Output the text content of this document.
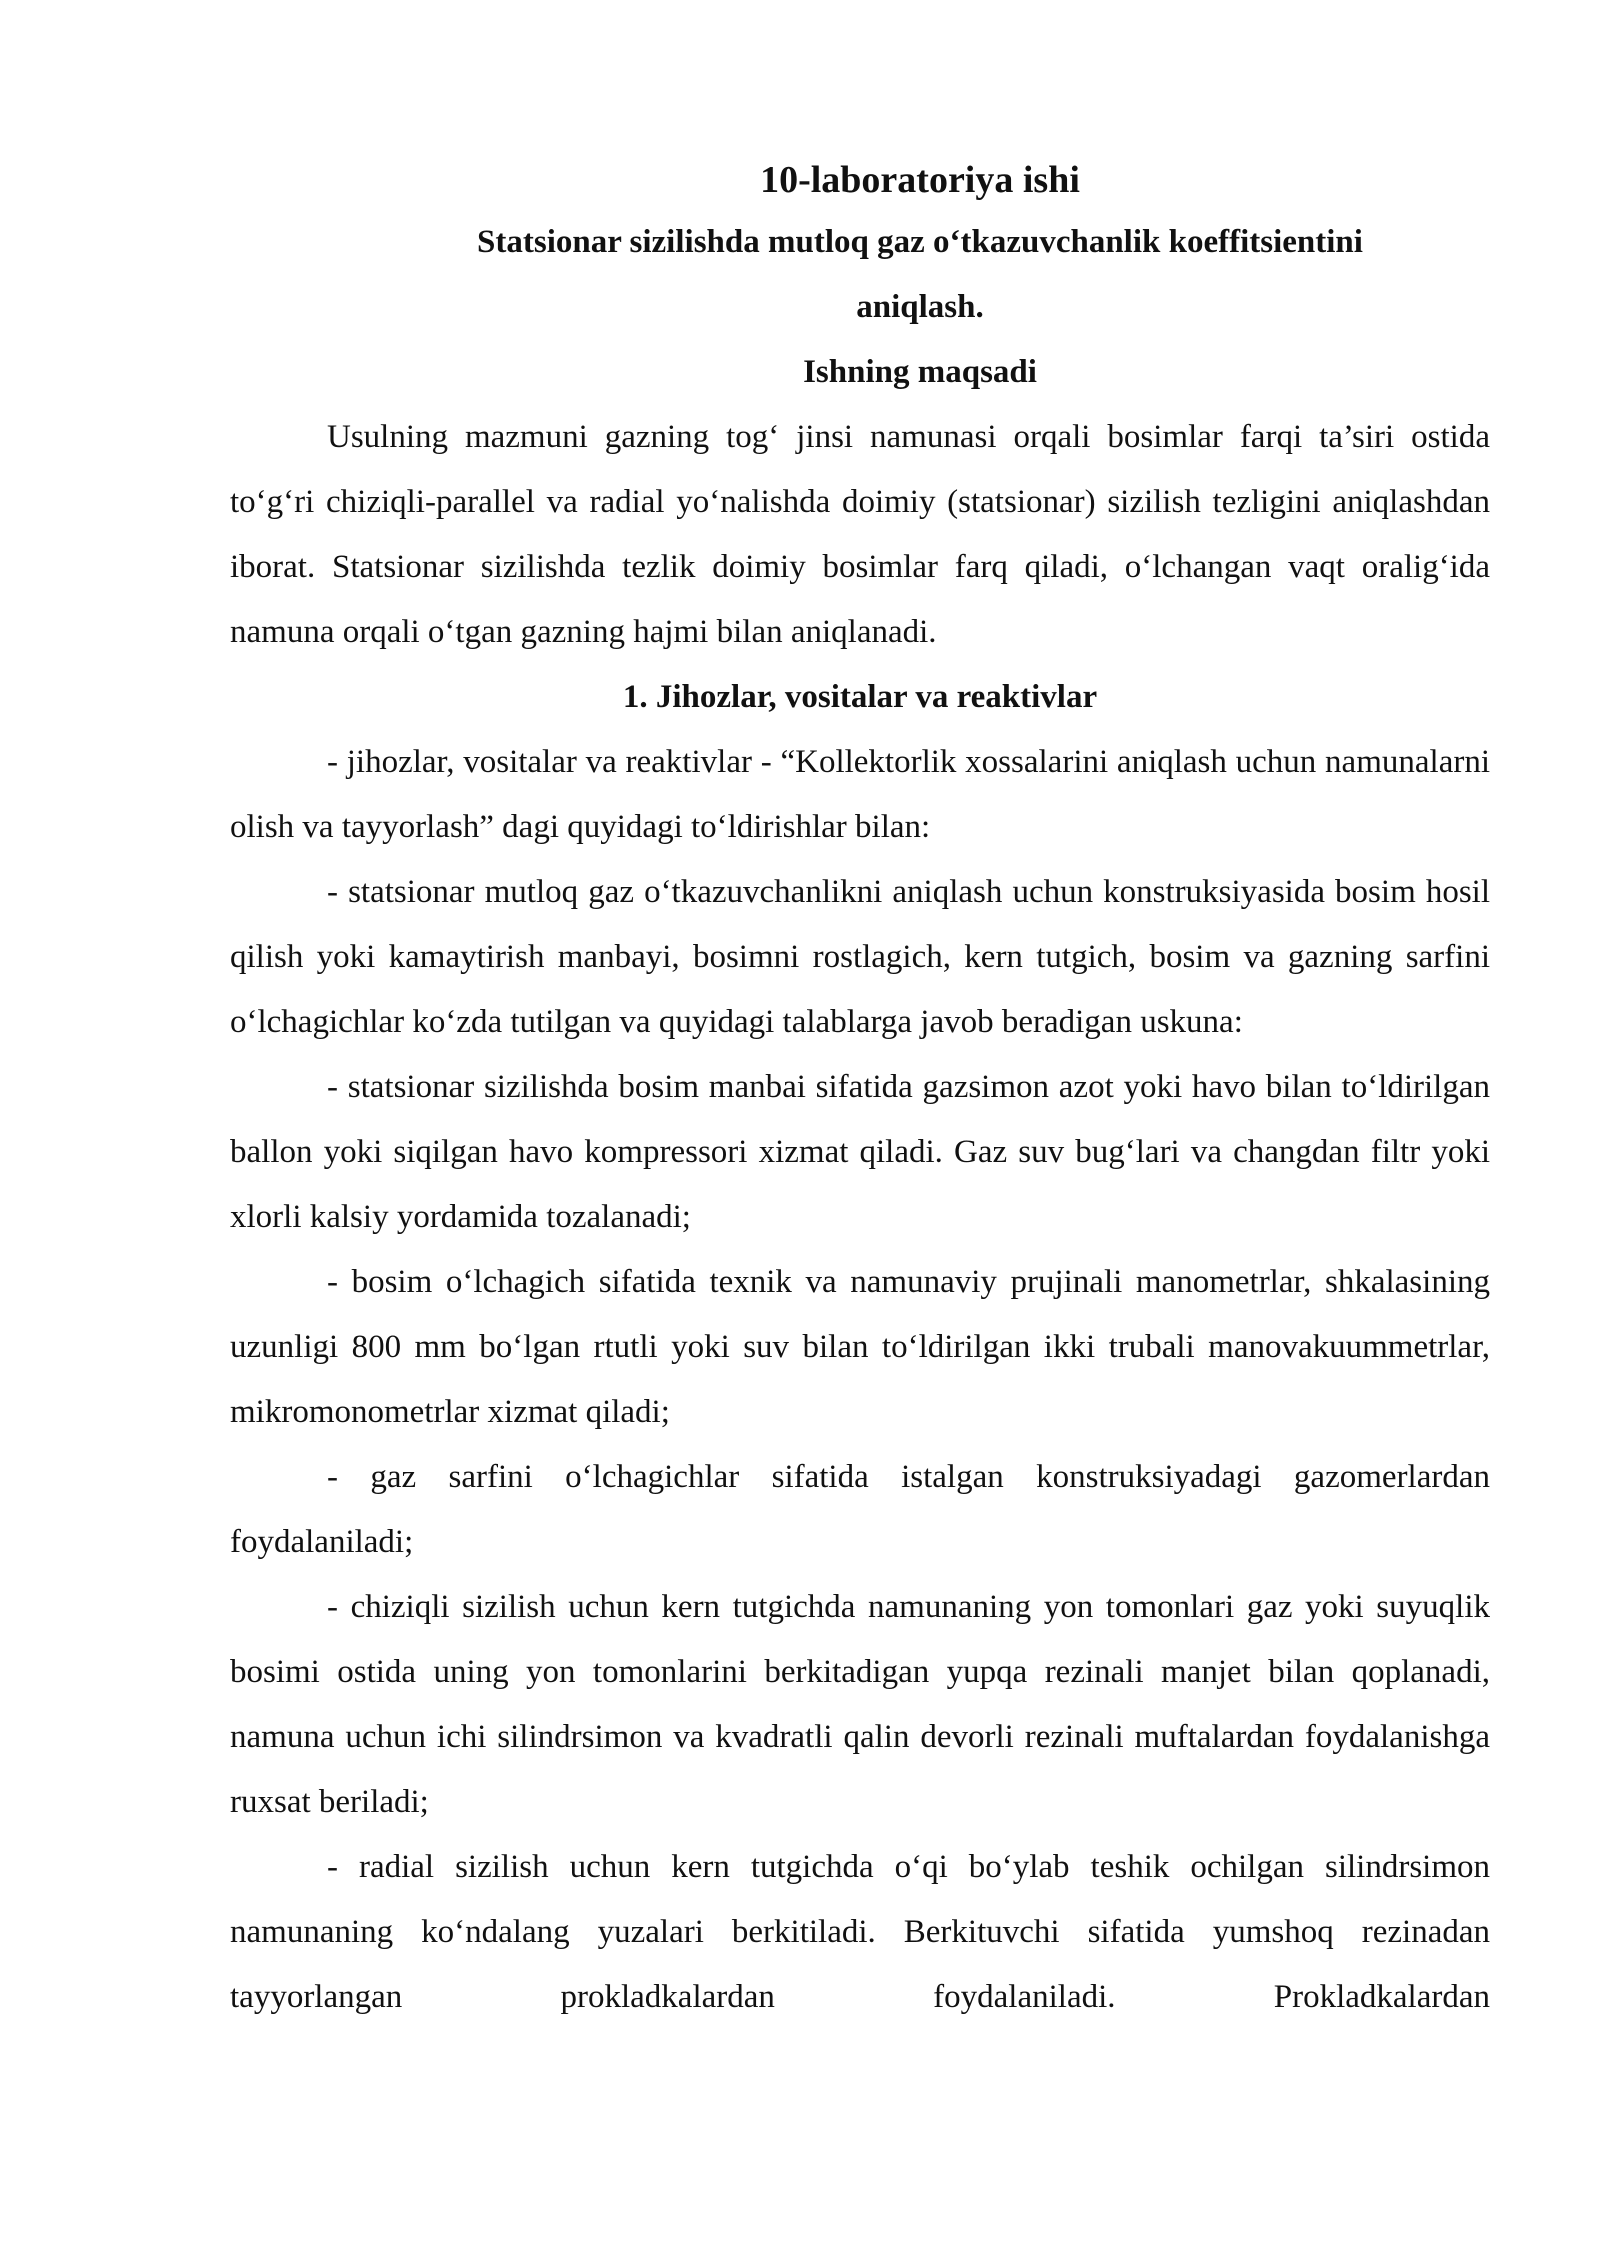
10-laboratoriya ishi
Statsionar sizilishda mutloq gaz o‘tkazuvchanlik koeffitsientini
aniqlash.
Ishning maqsadi

Usulning mazmuni gazning tog‘ jinsi namunasi orqali bosimlar farqi ta’siri ostida to‘g‘ri chiziqli-parallel va radial yo‘nalishda doimiy (statsionar) sizilish tezligini aniqlashdan iborat. Statsionar sizilishda tezlik doimiy bosimlar farq qiladi, o‘lchangan vaqt oralig‘ida namuna orqali o‘tgan gazning hajmi bilan aniqlanadi.

1. Jihozlar, vositalar va reaktivlar

- jihozlar, vositalar va reaktivlar - “Kollektorlik xossalarini aniqlash uchun namunalarni olish va tayyorlash” dagi quyidagi to‘ldirishlar bilan:

- statsionar mutloq gaz o‘tkazuvchanlikni aniqlash uchun konstruksiyasida bosim hosil qilish yoki kamaytirish manbayi, bosimni rostlagich, kern tutgich, bosim va gazning sarfini o‘lchagichlar ko‘zda tutilgan va quyidagi talablarga javob beradigan uskuna:

- statsionar sizilishda bosim manbai sifatida gazsimon azot yoki havo bilan to‘ldirilgan ballon yoki siqilgan havo kompressori xizmat qiladi. Gaz suv bug‘lari va changdan filtr yoki xlorli kalsiy yordamida tozalanadi;

- bosim o‘lchagich sifatida texnik va namunaviy prujinali manometrlar, shkalasining uzunligi 800 mm bo‘lgan rtutli yoki suv bilan to‘ldirilgan ikki trubali manovakuummetrlar, mikromonometrlar xizmat qiladi;

- gaz sarfini o‘lchagichlar sifatida istalgan konstruksiyadagi gazomerlardan foydalaniladi;

- chiziqli sizilish uchun kern tutgichda namunaning yon tomonlari gaz yoki suyuqlik bosimi ostida uning yon tomonlarini berkitadigan yupqa rezinali manjet bilan qoplanadi, namuna uchun ichi silindrsimon va kvadratli qalin devorli rezinali muftalardan foydalanishga ruxsat beriladi;

- radial sizilish uchun kern tutgichda o‘qi bo‘ylab teshik ochilgan silindrsimon namunaning ko‘ndalang yuzalari berkitiladi. Berkituvchi sifatida yumshoq rezinadan tayyorlangan prokladkalardan foydalaniladi. Prokladkalardan
